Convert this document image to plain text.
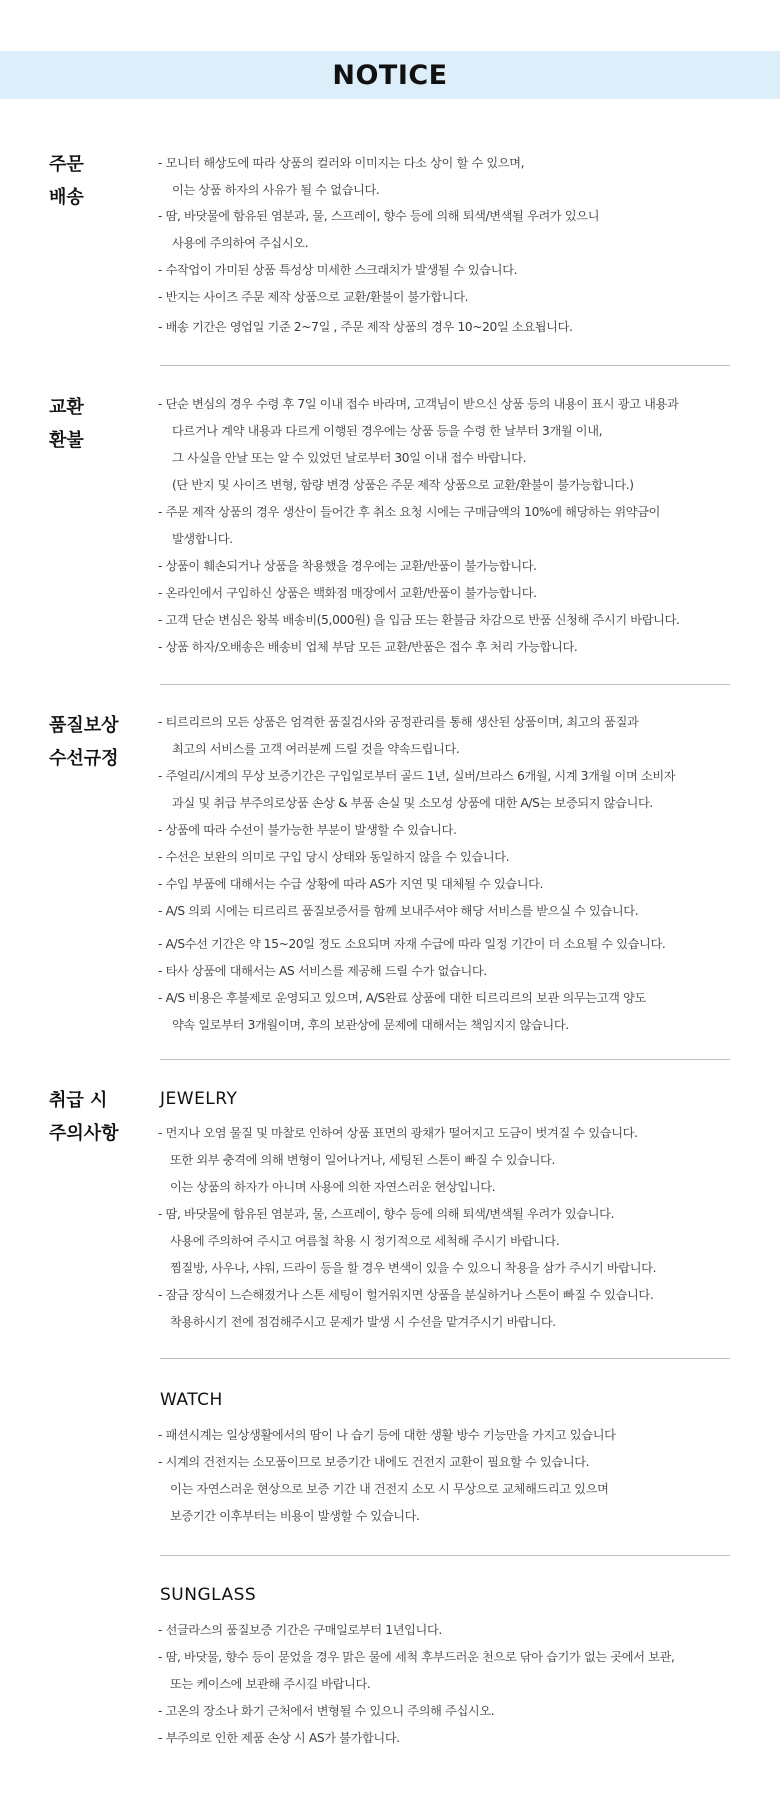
NOTICE
주문
배송
- 모니터 해상도에 따라 상품의 컬러와 이미지는 다소 상이 할 수 있으며,
이는 상품 하자의 사유가 될 수 없습니다.
- 땀, 바닷물에 함유된 염분과, 물, 스프레이, 향수 등에 의해 퇴색/변색될 우려가 있으니
사용에 주의하여 주십시오.
- 수작업이 가미된 상품 특성상 미세한 스크래치가 발생될 수 있습니다.
- 반지는 사이즈 주문 제작 상품으로 교환/환불이 불가합니다.
- 배송 기간은 영업일 기준 2~7일 , 주문 제작 상품의 경우 10~20일 소요됩니다.
교환
환불
- 단순 변심의 경우 수령 후 7일 이내 접수 바라며, 고객님이 받으신 상품 등의 내용이 표시 광고 내용과
다르거나 계약 내용과 다르게 이행된 경우에는 상품 등을 수령 한 날부터 3개월 이내,
그 사실을 안날 또는 알 수 있었던 날로부터 30일 이내 접수 바랍니다.
(단 반지 및 사이즈 변형, 함량 변경 상품은 주문 제작 상품으로 교환/환불이 불가능합니다.)
- 주문 제작 상품의 경우 생산이 들어간 후 취소 요청 시에는 구매금액의 10%에 해당하는 위약금이
발생합니다.
- 상품이 훼손되거나 상품을 착용했을 경우에는 교환/반품이 불가능합니다.
- 온라인에서 구입하신 상품은 백화점 매장에서 교환/반품이 불가능합니다.
- 고객 단순 변심은 왕복 배송비(5,000원) 을 입금 또는 환불금 차감으로 반품 신청해 주시기 바랍니다.
- 상품 하자/오배송은 배송비 업체 부담 모든 교환/반품은 접수 후 처리 가능합니다.
품질보상
수선규정
- 티르리르의 모든 상품은 엄격한 품질검사와 공정관리를 통해 생산된 상품이며, 최고의 품질과
최고의 서비스를 고객 여러분께 드릴 것을 약속드립니다.
- 주얼리/시계의 무상 보증기간은 구입일로부터 골드 1년, 실버/브라스 6개월, 시계 3개월 이며 소비자
과실 및 취급 부주의로상품 손상 & 부품 손실 및 소모성 상품에 대한 A/S는 보증되지 않습니다.
- 상품에 따라 수선이 불가능한 부분이 발생할 수 있습니다.
- 수선은 보완의 의미로 구입 당시 상태와 동일하지 않을 수 있습니다.
- 수입 부품에 대해서는 수급 상황에 따라 AS가 지연 및 대체될 수 있습니다.
- A/S 의뢰 시에는 티르리르 품질보증서를 함께 보내주셔야 해당 서비스를 받으실 수 있습니다.
- A/S수선 기간은 약 15~20일 정도 소요되며 자재 수급에 따라 일정 기간이 더 소요될 수 있습니다.
- 타사 상품에 대해서는 AS 서비스를 제공해 드릴 수가 없습니다.
- A/S 비용은 후불제로 운영되고 있으며, A/S완료 상품에 대한 티르리르의 보관 의무는고객 양도
약속 일로부터 3개월이며, 후의 보관상에 문제에 대해서는 책임지지 않습니다.
취급 시
주의사항
JEWELRY
- 먼지나 오염 물질 및 마찰로 인하여 상품 표면의 광채가 떨어지고 도금이 벗겨질 수 있습니다.
또한 외부 충격에 의해 변형이 일어나거나, 세팅된 스톤이 빠질 수 있습니다.
이는 상품의 하자가 아니며 사용에 의한 자연스러운 현상입니다.
- 땀, 바닷물에 함유된 염분과, 물, 스프레이, 향수 등에 의해 퇴색/변색될 우려가 있습니다.
사용에 주의하여 주시고 여름철 착용 시 정기적으로 세척해 주시기 바랍니다.
찜질방, 사우나, 샤워, 드라이 등을 할 경우 변색이 있을 수 있으니 착용을 삼가 주시기 바랍니다.
- 잠금 장식이 느슨해졌거나 스톤 세팅이 헐거워지면 상품을 분실하거나 스톤이 빠질 수 있습니다.
착용하시기 전에 점검해주시고 문제가 발생 시 수선을 맡겨주시기 바랍니다.
WATCH
- 패션시계는 일상생활에서의 땀이 나 습기 등에 대한 생활 방수 기능만을 가지고 있습니다
- 시계의 건전지는 소모품이므로 보증기간 내에도 건전지 교환이 필요할 수 있습니다.
이는 자연스러운 현상으로 보증 기간 내 건전지 소모 시 무상으로 교체해드리고 있으며
보증기간 이후부터는 비용이 발생할 수 있습니다.
SUNGLASS
- 선글라스의 품질보증 기간은 구매일로부터 1년입니다.
- 땀, 바닷물, 향수 등이 묻었을 경우 맑은 물에 세척 후부드러운 천으로 닦아 습기가 없는 곳에서 보관,
또는 케이스에 보관해 주시길 바랍니다.
- 고온의 장소나 화기 근처에서 변형될 수 있으니 주의해 주십시오.
- 부주의로 인한 제품 손상 시 AS가 불가합니다.
